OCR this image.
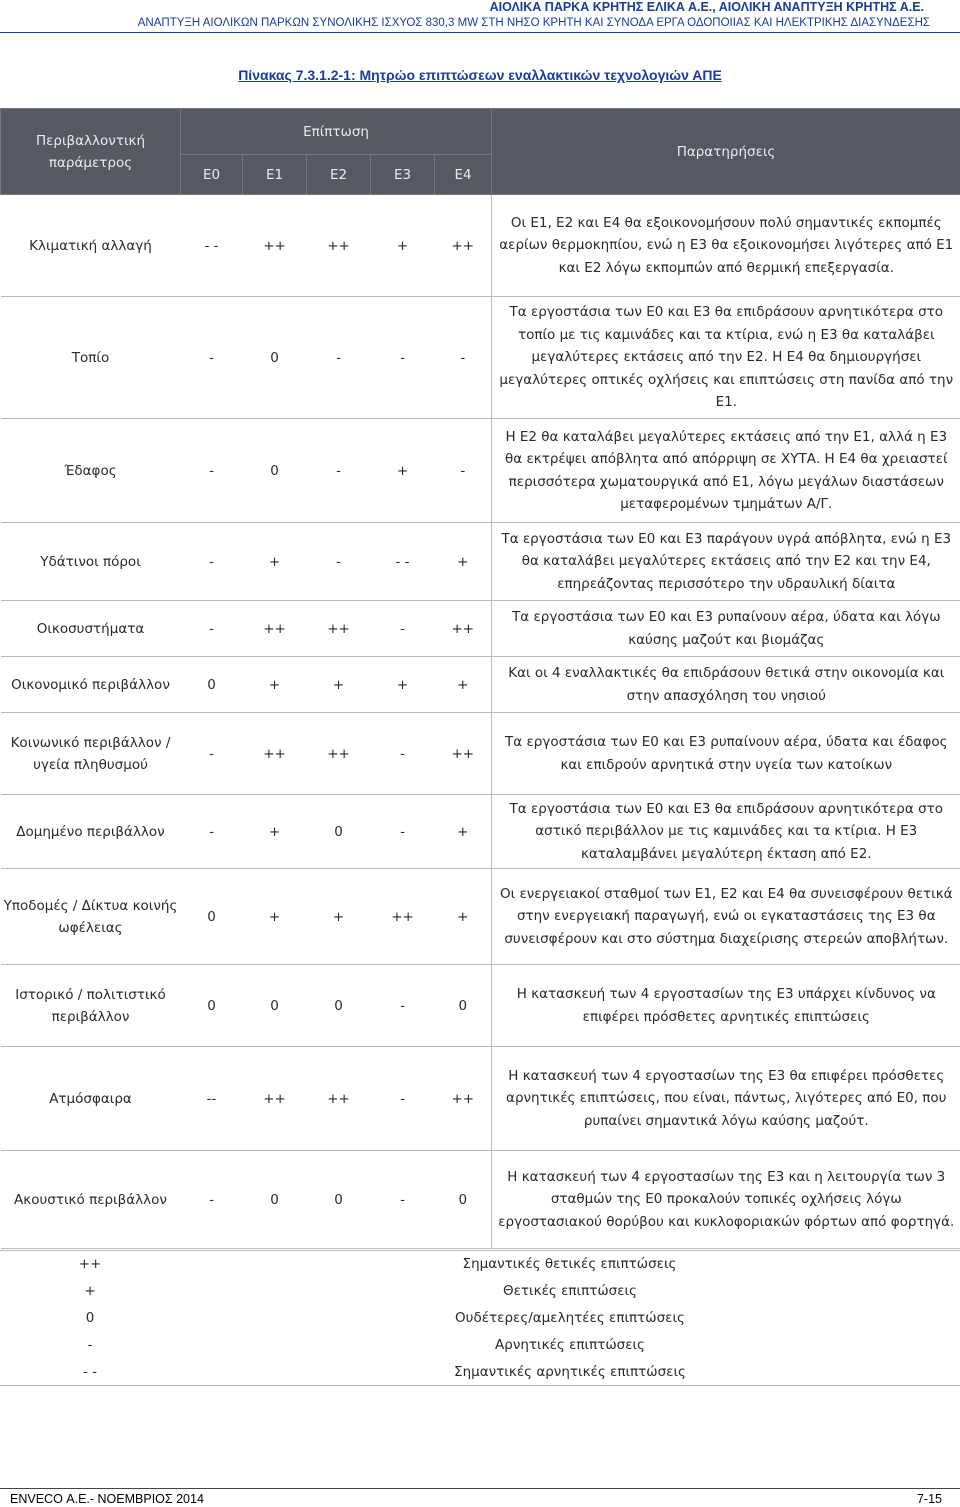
ΑΙΟΛΙΚΑ ΠΑΡΚΑ ΚΡΗΤΗΣ ΕΛΙΚΑ Α.Ε., ΑΙΟΛΙΚΗ ΑΝΑΠΤΥΞΗ ΚΡΗΤΗΣ Α.Ε.
ΑΝΑΠΤΥΞΗ ΑΙΟΛΙΚΩΝ ΠΑΡΚΩΝ ΣΥΝΟΛΙΚΗΣ ΙΣΧΥΟΣ 830,3 MW ΣΤΗ ΝΗΣΟ ΚΡΗΤΗ ΚΑΙ ΣΥΝΟΔΑ ΕΡΓΑ ΟΔΟΠΟΙΙΑΣ ΚΑΙ ΗΛΕΚΤΡΙΚΗΣ ΔΙΑΣΥΝΔΕΣΗΣ
Πίνακας 7.3.1.2-1: Μητρώο επιπτώσεων εναλλακτικών τεχνολογιών ΑΠΕ
Περιβαλλοντική παράμετρος	Επίπτωση					Παρατηρήσεις
	Ε0	Ε1	Ε2	Ε3	Ε4	
Κλιματική αλλαγή	- -	++	++	+	++	Οι Ε1, Ε2 και Ε4 θα εξοικονομήσουν πολύ σημαντικές εκπομπές αερίων θερμοκηπίου, ενώ η Ε3 θα εξοικονομήσει λιγότερες από Ε1 και Ε2 λόγω εκπομπών από θερμική επεξεργασία.
Τοπίο	-	0	-	-	-	Τα εργοστάσια των Ε0 και Ε3 θα επιδράσουν αρνητικότερα στο τοπίο με τις καμινάδες και τα κτίρια, ενώ η Ε3 θα καταλάβει μεγαλύτερες εκτάσεις από την Ε2. Η Ε4 θα δημιουργήσει μεγαλύτερες οπτικές οχλήσεις και επιπτώσεις στη πανίδα από την Ε1.
Έδαφος	-	0	-	+	-	Η Ε2 θα καταλάβει μεγαλύτερες εκτάσεις από την Ε1, αλλά η Ε3 θα εκτρέψει απόβλητα από απόρριψη σε ΧΥΤΑ. Η Ε4 θα χρειαστεί περισσότερα χωματουργικά από Ε1, λόγω μεγάλων διαστάσεων μεταφερομένων τμημάτων Α/Γ.
Υδάτινοι πόροι	-	+	-	- -	+	Τα εργοστάσια των Ε0 και Ε3 παράγουν υγρά απόβλητα, ενώ η Ε3 θα καταλάβει μεγαλύτερες εκτάσεις από την Ε2 και την Ε4, επηρεάζοντας περισσότερο την υδραυλική δίαιτα
Οικοσυστήματα	-	++	++	-	++	Τα εργοστάσια των Ε0 και Ε3 ρυπαίνουν αέρα, ύδατα και λόγω καύσης μαζούτ και βιομάζας
Οικονομικό περιβάλλον	0	+	+	+	+	Και οι 4 εναλλακτικές θα επιδράσουν θετικά στην οικονομία και στην απασχόληση του νησιού
Κοινωνικό περιβάλλον / υγεία πληθυσμού	-	++	++	-	++	Τα εργοστάσια των Ε0 και Ε3 ρυπαίνουν αέρα, ύδατα και έδαφος και επιδρούν αρνητικά στην υγεία των κατοίκων
Δομημένο περιβάλλον	-	+	0	-	+	Τα εργοστάσια των Ε0 και Ε3 θα επιδράσουν αρνητικότερα στο αστικό περιβάλλον με τις καμινάδες και τα κτίρια. Η Ε3 καταλαμβάνει μεγαλύτερη έκταση από Ε2.
Υποδομές / Δίκτυα κοινής ωφέλειας	0	+	+	++	+	Οι ενεργειακοί σταθμοί των Ε1, Ε2 και Ε4 θα συνεισφέρουν θετικά στην ενεργειακή παραγωγή, ενώ οι εγκαταστάσεις της Ε3 θα συνεισφέρουν και στο σύστημα διαχείρισης στερεών αποβλήτων.
Ιστορικό / πολιτιστικό περιβάλλον	0	0	0	-	0	Η κατασκευή των 4 εργοστασίων της Ε3 υπάρχει κίνδυνος να επιφέρει πρόσθετες αρνητικές επιπτώσεις
Ατμόσφαιρα	--	++	++	-	++	Η κατασκευή των 4 εργοστασίων της Ε3 θα επιφέρει πρόσθετες αρνητικές επιπτώσεις, που είναι, πάντως, λιγότερες από Ε0, που ρυπαίνει σημαντικά λόγω καύσης μαζούτ.
Ακουστικό περιβάλλον	-	0	0	-	0	Η κατασκευή των 4 εργοστασίων της Ε3 και η λειτουργία των 3 σταθμών της Ε0 προκαλούν τοπικές οχλήσεις λόγω εργοστασιακού θορύβου και κυκλοφοριακών φόρτων από φορτηγά.
++	Σημαντικές θετικές επιπτώσεις
+	Θετικές επιπτώσεις
0	Ουδέτερες/αμελητέες επιπτώσεις
-	Αρνητικές επιπτώσεις
- -	Σημαντικές αρνητικές επιπτώσεις
ENVECO Α.Ε.- ΝΟΕΜΒΡΙΟΣ 2014	7-15
